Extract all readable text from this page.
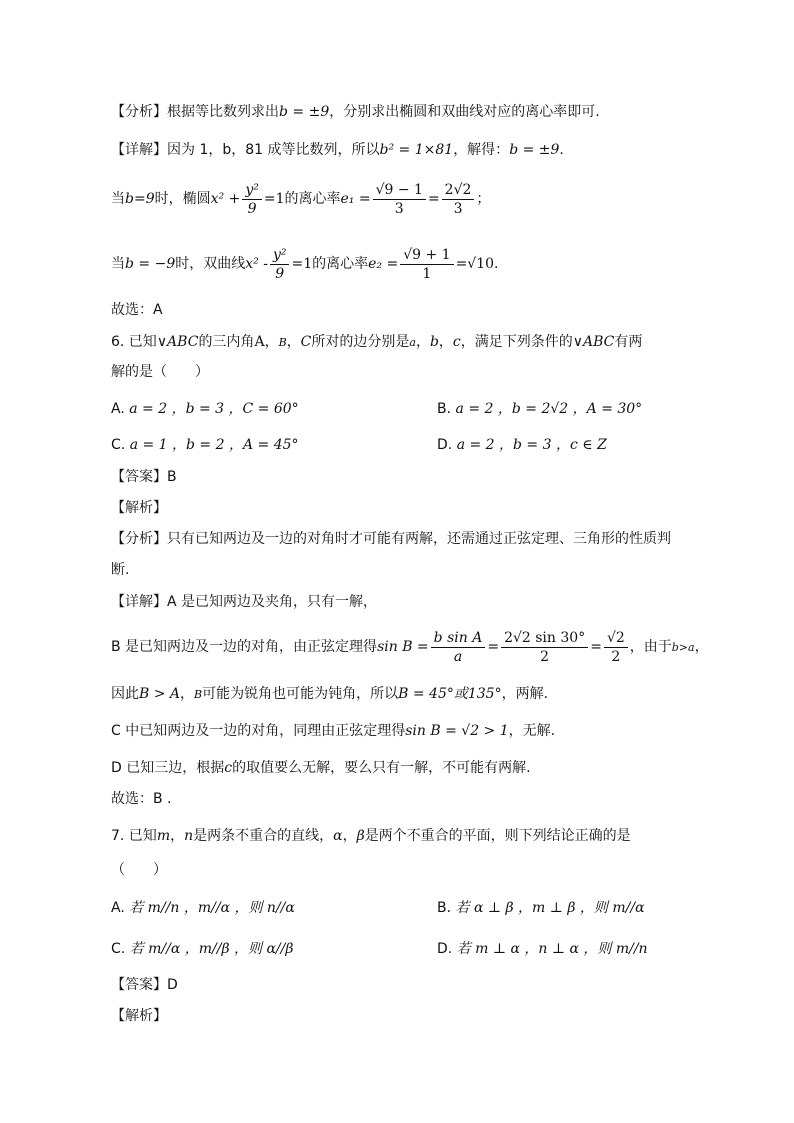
【分析】根据等比数列求出b = ±9，分别求出椭圆和双曲线对应的离心率即可.
【详解】因为 1，b，81 成等比数列，所以b² = 1×81，解得：b = ±9.
当b=9时，椭圆$x^2 + \frac{\text{y²}}{9} =1$的离心率$e_1 = \frac{√9 - 1}{3} = \frac{2√2}{3}$ ；
当b = −9时，双曲线$x^2 - \frac{\text{y²}}{9} =1$的离心率$e_2 = \frac{√9 + 1}{1} =√10$.
故选：A
6. 已知∨ABC的三内角A，B，C所对的边分别是a，b，c，满足下列条件的∨ABC有两
解的是（　　）
A. a = 2 ，b = 3 ，C = 60°	B. a = 2 ，b = 2√2 ，A = 30°
C. a = 1 ，b = 2 ，A = 45°	D. a = 2 ，b = 3 ，c ∈ Z
【答案】B
【解析】
【分析】只有已知两边及一边的对角时才可能有两解，还需通过正弦定理、三角形的性质判
断.
【详解】A 是已知两边及夹角，只有一解，
B 是已知两边及一边的对角，由正弦定理得$\sin B = \frac{\text{b sin A}}{a} = \frac{2√2 \sin 30^\circ}{2} = \frac{√2}{2}$ ，由于b>a，
因此B > A，B可能为锐角也可能为钝角，所以B = 45°或135°，两解.
C 中已知两边及一边的对角，同理由正弦定理得sin B = √2 > 1，无解.
D 已知三边，根据c的取值要么无解，要么只有一解，不可能有两解.
故选：B .
7. 已知m，n是两条不重合的直线，α，β是两个不重合的平面，则下列结论正确的是
（　　）
A. 若 m//n ，m//α ，则 n//α	B. 若 α ⊥ β ，m ⊥ β ，则 m//α
C. 若 m//α ，m//β ，则 α//β	D. 若 m ⊥ α ，n ⊥ α ，则 m//n
【答案】D
【解析】
